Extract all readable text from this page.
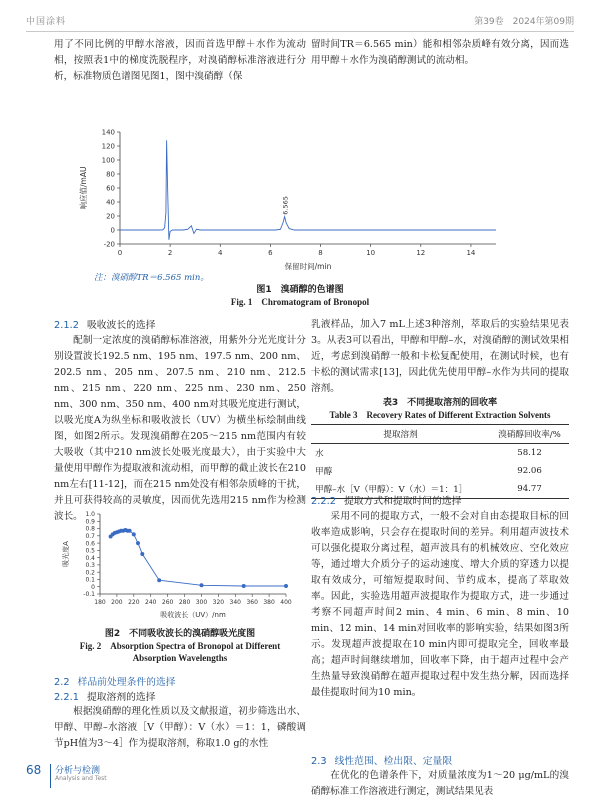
中国涂料	第39卷　2024年第09期

用了不同比例的甲醇水溶液，因而首选甲醇＋水作为流动相，按照表1中的梯度洗脱程序，对溴硝醇标准溶液进行分析，标准物质色谱图见图1，图中溴硝醇（保

留时间TR＝6.565 min）能和相邻杂质峰有效分离，因而选用甲醇＋水作为溴硝醇测试的流动相。

-20
0
20
40
60
80
100
120
140
0	2	4	6	8	10	12	14
响应值/mAU
保留时间/min
6.565
注：溴硝醇TR＝6.565 min。
图1　溴硝醇的色谱图
Fig. 1　Chromatogram of Bronopol
2.1.2 吸收波长的选择

配制一定浓度的溴硝醇标准溶液，用紫外分光光度计分别设置波长192.5 nm、195 nm、197.5 nm、200 nm、202.5 nm、205 nm、207.5 nm、210 nm、212.5 nm、215 nm、220 nm、225 nm、230 nm、250 nm、300 nm、350 nm、400 nm对其吸光度进行测试，以吸光度A为纵坐标和吸收波长（UV）为横坐标绘制曲线图，如图2所示。发现溴硝醇在205～215 nm范围内有较大吸收（其中210 nm波长处吸光度最大），由于实验中大量使用甲醇作为提取液和流动相，而甲醇的截止波长在210 nm左右[11-12]，而在215 nm处没有相邻杂质峰的干扰，并且可获得较高的灵敏度，因而优先选用215 nm作为检测波长。

-0.1
0
0.1
0.2
0.3
0.4
0.5
0.6
0.7
0.8
0.9
1.0
180 200 220 240 260 280 300 320 340 360 380 400
吸光度A
吸收波长（UV）/nm
图2　不同吸收波长的溴硝醇吸光度图
Fig. 2　Absorption Spectra of Bronopol at Different
Absorption Wavelengths
2.2 样品前处理条件的选择
2.2.1 提取溶剂的选择

根据溴硝醇的理化性质以及文献报道，初步筛选出水、甲醇、甲醇–水溶液［V（甲醇）：V（水）＝1：1，磷酸调节pH值为3～4］作为提取溶剂，称取1.0 g的水性

乳液样品，加入7 mL上述3种溶剂，萃取后的实验结果见表3。从表3可以看出，甲醇和甲醇–水，对溴硝醇的测试效果相近，考虑到溴硝醇一般和卡松复配使用，在测试时候，也有卡松的测试需求[13]，因此优先使用甲醇–水作为共同的提取溶剂。

表3　不同提取溶剂的回收率
Table 3　Recovery Rates of Different Extraction Solvents
提取溶剂	溴硝醇回收率/%
水	58.12
甲醇	92.06
甲醇–水［V（甲醇）：V（水）＝1：1］	94.77
2.2.2 提取方式和提取时间的选择

采用不同的提取方式，一般不会对自由态提取目标的回收率造成影响，只会存在提取时间的差异。利用超声波技术可以强化提取分离过程，超声波具有的机械效应、空化效应等，通过增大介质分子的运动速度、增大介质的穿透力以提取有效成分，可缩短提取时间、节约成本，提高了萃取效率。因此，实验选用超声波提取作为提取方式，进一步通过考察不同超声时间2 min、4 min、6 min、8 min、10 min、12 min、14 min对回收率的影响实验，结果如图3所示。发现超声波提取在10 min内即可提取完全，回收率最高；超声时间继续增加，回收率下降，由于超声过程中会产生热量导致溴硝醇在超声提取过程中发生热分解，因而选择最佳提取时间为10 min。

2.3 线性范围、检出限、定量限

在优化的色谱条件下，对质量浓度为1～20 μg/mL的溴硝醇标准工作溶液进行测定，测试结果见表

68 分析与检测
Analysis and Test
